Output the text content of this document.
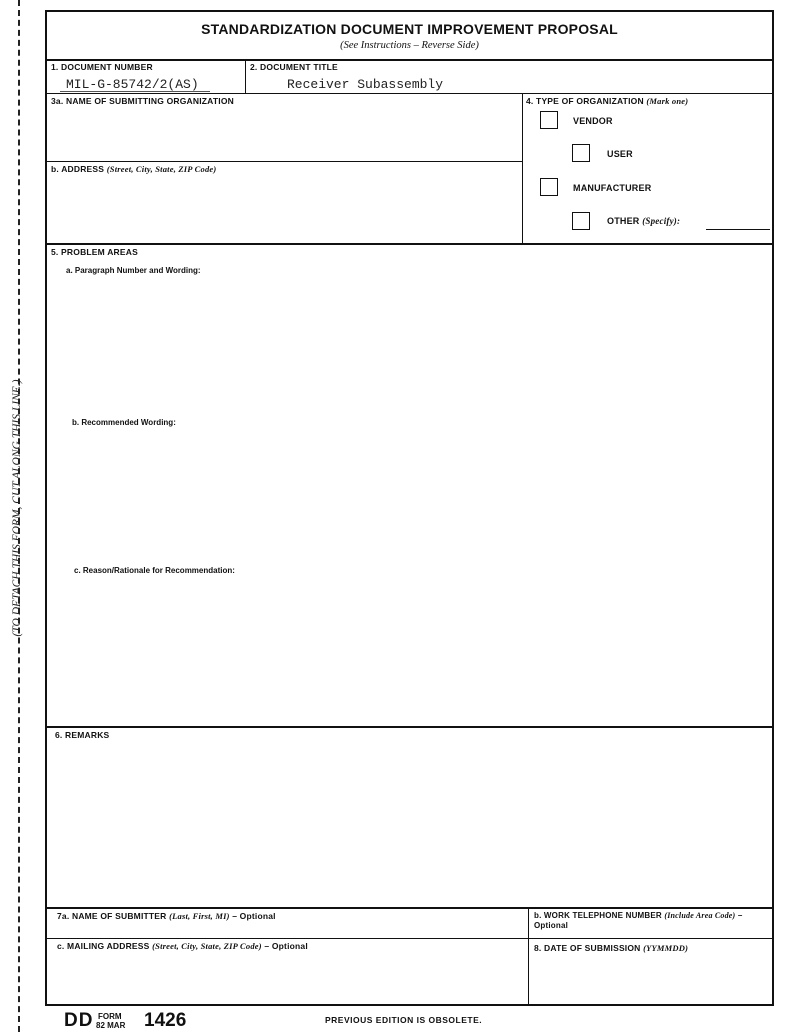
(TO DETACH THIS FORM, CUT ALONG THIS LINE.)
STANDARDIZATION DOCUMENT IMPROVEMENT PROPOSAL
(See Instructions – Reverse Side)
1. DOCUMENT NUMBER
MIL-G-85742/2(AS)
2. DOCUMENT TITLE
Receiver Subassembly
3a. NAME OF SUBMITTING ORGANIZATION
b. ADDRESS (Street, City, State, ZIP Code)
4. TYPE OF ORGANIZATION (Mark one)
VENDOR
USER
MANUFACTURER
OTHER (Specify):
5. PROBLEM AREAS
a. Paragraph Number and Wording:
b. Recommended Wording:
c. Reason/Rationale for Recommendation:
6. REMARKS
7a. NAME OF SUBMITTER (Last, First, MI) – Optional	b. WORK TELEPHONE NUMBER (Include Area Code) – Optional
c. MAILING ADDRESS (Street, City, State, ZIP Code) – Optional	8. DATE OF SUBMISSION (YYMMDD)
DD FORM
82 MAR 1426	PREVIOUS EDITION IS OBSOLETE.
